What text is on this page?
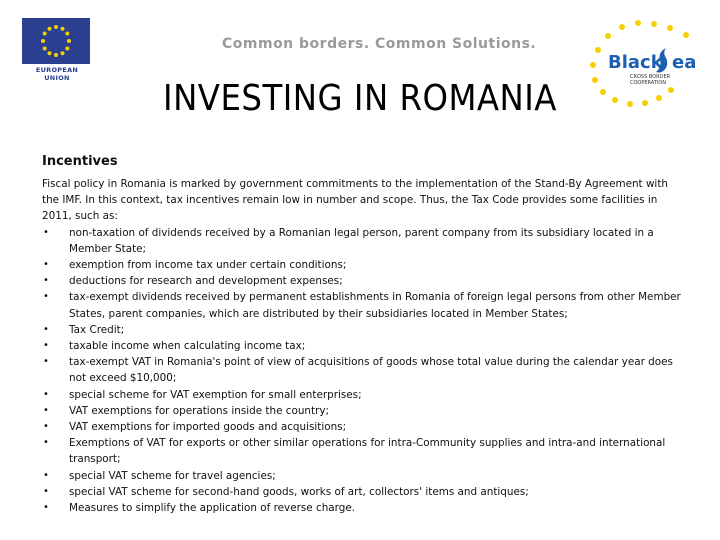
EUROPEAN UNION
Common borders. Common Solutions.
Black ea
CROSS BORDER
COOPERATION
INVESTING IN ROMANIA
Incentives

Fiscal policy in Romania is marked by government commitments to the implementation of the Stand-By Agreement with the IMF. In this context, tax incentives remain low in number and scope. Thus, the Tax Code provides some facilities in 2011, such as:

• non-taxation of dividends received by a Romanian legal person, parent company from its subsidiary located in a Member State;
• exemption from income tax under certain conditions;
• deductions for research and development expenses;
• tax-exempt dividends received by permanent establishments in Romania of foreign legal persons from other Member States, parent companies, which are distributed by their subsidiaries located in Member States;
• Tax Credit;
• taxable income when calculating income tax;
• tax-exempt VAT in Romania's point of view of acquisitions of goods whose total value during the calendar year does not exceed $10,000;
• special scheme for VAT exemption for small enterprises;
• VAT exemptions for operations inside the country;
• VAT exemptions for imported goods and acquisitions;
• Exemptions of VAT for exports or other similar operations for intra-Community supplies and intra-and international transport;
• special VAT scheme for travel agencies;
• special VAT scheme for second-hand goods, works of art, collectors' items and antiques;
• Measures to simplify the application of reverse charge.
